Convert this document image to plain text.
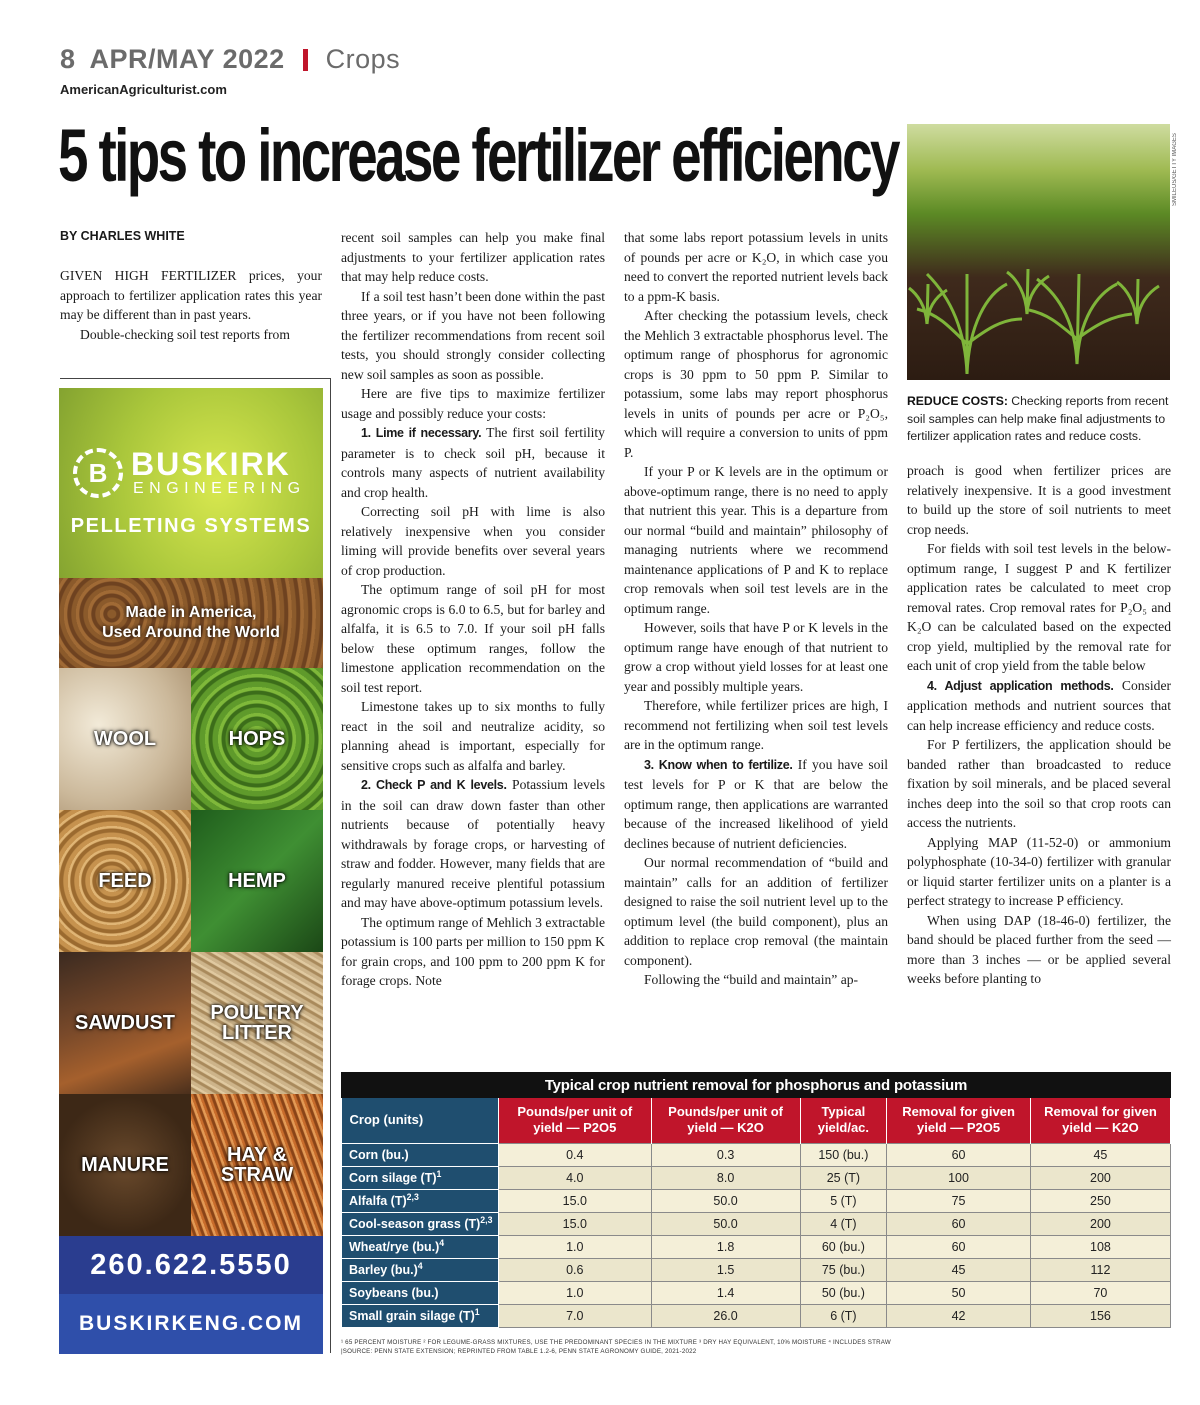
8 APR/MAY 2022 Crops
AmericanAgriculturist.com
5 tips to increase fertilizer efficiency
BY CHARLES WHITE

GIVEN HIGH FERTILIZER prices, your approach to fertilizer application rates this year may be different than in past years.

Double-checking soil test reports from

B BUSKIRK
ENGINEERING
PELLETING SYSTEMS
Made in America,
Used Around the World
WOOL	HOPS
FEED	HEMP
SAWDUST	POULTRY LITTER
MANURE	HAY & STRAW
260.622.5550
BUSKIRKENG.COM

recent soil samples can help you make final adjustments to your fertilizer application rates that may help reduce costs.

If a soil test hasn’t been done within the past three years, or if you have not been following the fertilizer recommendations from recent soil tests, you should strongly consider collecting new soil samples as soon as possible.

Here are five tips to maximize fertilizer usage and possibly reduce your costs:

1. Lime if necessary. The first soil fertility parameter is to check soil pH, because it controls many aspects of nutrient availability and crop health.

Correcting soil pH with lime is also relatively inexpensive when you consider liming will provide benefits over several years of crop production.

The optimum range of soil pH for most agronomic crops is 6.0 to 6.5, but for barley and alfalfa, it is 6.5 to 7.0. If your soil pH falls below these optimum ranges, follow the limestone application recommendation on the soil test report.

Limestone takes up to six months to fully react in the soil and neutralize acidity, so planning ahead is important, especially for sensitive crops such as alfalfa and barley.

2. Check P and K levels. Potassium levels in the soil can draw down faster than other nutrients because of potentially heavy withdrawals by forage crops, or harvesting of straw and fodder. However, many fields that are regularly manured receive plentiful potassium and may have above-optimum potassium levels.

The optimum range of Mehlich 3 extractable potassium is 100 parts per million to 150 ppm K for grain crops, and 100 ppm to 200 ppm K for forage crops. Note

that some labs report potassium levels in units of pounds per acre or K₂O, in which case you need to convert the reported nutrient levels back to a ppm-K basis.

After checking the potassium levels, check the Mehlich 3 extractable phosphorus level. The optimum range of phosphorus for agronomic crops is 30 ppm to 50 ppm P. Similar to potassium, some labs may report phosphorus levels in units of pounds per acre or P₂O₅, which will require a conversion to units of ppm P.

If your P or K levels are in the optimum or above-optimum range, there is no need to apply that nutrient this year. This is a departure from our normal “build and maintain” philosophy of managing nutrients where we recommend maintenance applications of P and K to replace crop removals when soil test levels are in the optimum range.

However, soils that have P or K levels in the optimum range have enough of that nutrient to grow a crop without yield losses for at least one year and possibly multiple years.

Therefore, while fertilizer prices are high, I recommend not fertilizing when soil test levels are in the optimum range.

3. Know when to fertilize. If you have soil test levels for P or K that are below the optimum range, then applications are warranted because of the increased likelihood of yield declines because of nutrient deficiencies.

Our normal recommendation of “build and maintain” calls for an addition of fertilizer designed to raise the soil nutrient level up to the optimum level (the build component), plus an addition to replace crop removal (the maintain component).

Following the “build and maintain” ap-

SMILEUS/GETTY IMAGES
REDUCE COSTS: Checking reports from recent soil samples can help make final adjustments to fertilizer application rates and reduce costs.

proach is good when fertilizer prices are relatively inexpensive. It is a good investment to build up the store of soil nutrients to meet crop needs.

For fields with soil test levels in the below-optimum range, I suggest P and K fertilizer application rates be calculated to meet crop removal rates. Crop removal rates for P₂O₅ and K₂O can be calculated based on the expected crop yield, multiplied by the removal rate for each unit of crop yield from the table below

4. Adjust application methods. Consider application methods and nutrient sources that can help increase efficiency and reduce costs.

For P fertilizers, the application should be banded rather than broadcasted to reduce fixation by soil minerals, and be placed several inches deep into the soil so that crop roots can access the nutrients.

Applying MAP (11-52-0) or ammonium polyphosphate (10-34-0) fertilizer with granular or liquid starter fertilizer units on a planter is a perfect strategy to increase P efficiency.

When using DAP (18-46-0) fertilizer, the band should be placed further from the seed — more than 3 inches — or be applied several weeks before planting to

Typical crop nutrient removal for phosphorus and potassium
Crop (units)	Pounds/per unit of yield — P2O5	Pounds/per unit of yield — K2O	Typical yield/ac.	Removal for given yield — P2O5	Removal for given yield — K2O
Corn (bu.)	0.4	0.3	150 (bu.)	60	45
Corn silage $(T)^1$	4.0	8.0	25 (T)	100	200
Alfalfa $(T)^{2,3}$	15.0	50.0	5 (T)	75	250
Cool-season grass $(T)^{2,3}$	15.0	50.0	4 (T)	60	200
Wheat/rye $(bu.)^4$	1.0	1.8	60 (bu.)	60	108
Barley $(bu.)^4$	0.6	1.5	75 (bu.)	45	112
Soybeans (bu.)	1.0	1.4	50 (bu.)	50	70
Small grain silage $(T)^1$	7.0	26.0	6 (T)	42	156
¹ 65 PERCENT MOISTURE ² FOR LEGUME-GRASS MIXTURES, USE THE PREDOMINANT SPECIES IN THE MIXTURE ³ DRY HAY EQUIVALENT, 10% MOISTURE ⁴ INCLUDES STRAW
|SOURCE: PENN STATE EXTENSION; REPRINTED FROM TABLE 1.2-6, PENN STATE AGRONOMY GUIDE, 2021-2022
